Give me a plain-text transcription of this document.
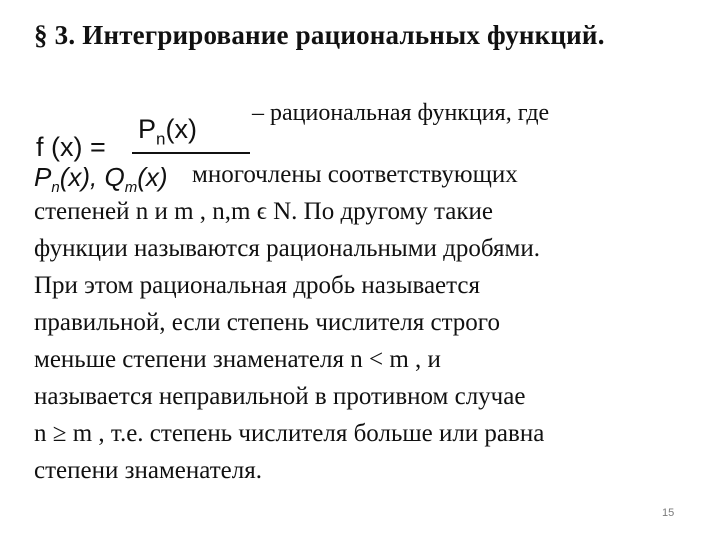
§ 3. Интегрирование рациональных функций.
f (x) =
$P_n(x)$
– рациональная функция, где
$P_n(x)$, $Q_m(x)$ многочлены соответствующих
степеней n и m , n,m ϵ N. По другому такие
функции называются рациональными дробями.
При этом рациональная дробь называется
правильной, если степень числителя строго
меньше степени знаменателя n < m , и
называется неправильной в противном случае
n ≥ m , т.е. степень числителя больше или равна
степени знаменателя.
15
